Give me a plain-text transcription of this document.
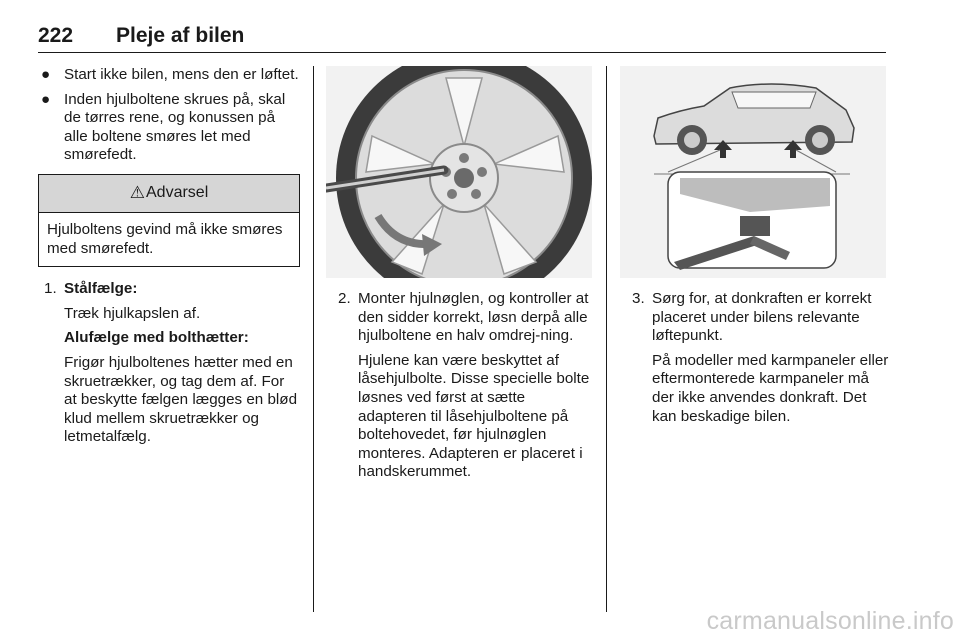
222 Pleje af bilen
● Start ikke bilen, mens den er løftet.
● Inden hjulboltene skrues på, skal de tørres rene, og konussen på alle boltene smøres let med smørefedt.
⚠ Advarsel
Hjulboltens gevind må ikke smøres med smørefedt.
1. Stålfælge:

Træk hjulkapslen af.

Alufælge med bolthætter:

Frigør hjulboltenes hætter med en skruetrækker, og tag dem af. For at beskytte fælgen lægges en blød klud mellem skruetrækker og letmetalfælg.

2. Monter hjulnøglen, og kontroller at den sidder korrekt, løsn derpå alle hjulboltene en halv omdrej-ning.

Hjulene kan være beskyttet af låsehjulbolte. Disse specielle bolte løsnes ved først at sætte adapteren til låsehjulboltene på boltehovedet, før hjulnøglen monteres. Adapteren er placeret i handskerummet.

3. Sørg for, at donkraften er korrekt placeret under bilens relevante løftepunkt.

På modeller med karmpaneler eller eftermonterede karmpaneler må der ikke anvendes donkraft. Det kan beskadige bilen.

carmanualsonline.info
